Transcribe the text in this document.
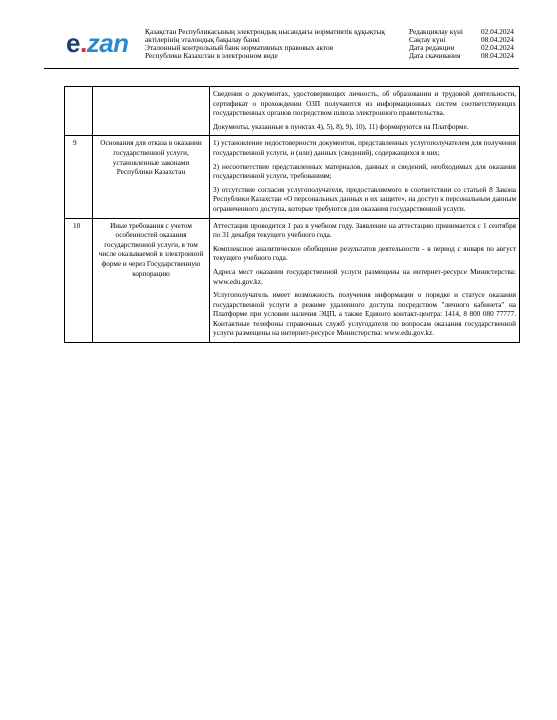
e.zan Қазақстан Республикасының электрондық нысандағы нормативтік құқықтық
актілерінің эталондық бақылау банкі
Эталонный контрольный банк нормативных правовых актов
Республики Казахстан в электронном виде
Редакциялау күні	02.04.2024
Сақтау күні	08.04.2024
Дата редакции	02.04.2024
Дата скачивания	08.04.2024

		Сведения о документах, удостоверяющих личность, об образовании и трудовой деятельности, сертификат о прохождении ОЗП получаются из информационных систем соответствующих государственных органов посредством шлюза электронного правительства.

Документы, указанные в пунктах 4), 5), 8), 9), 10), 11) формируются на Платформе.

9	Основания для отказа в оказании государственной услуги, установленные законами Республики Казахстан	1) установление недостоверности документов, представленных услугополучателем для получения государственной услуги, и (или) данных (сведений), содержащихся в них;

2) несоответствие представленных материалов, данных и сведений, необходимых для оказания государственной услуги, требованиям;

3) отсутствие согласия услугополучателя, предоставляемого в соответствии со статьей 8 Закона Республики Казахстан «О персональных данных и их защите», на доступ к персональным данным ограниченного доступа, которые требуются для оказания государственной услуги.

10	Иные требования с учетом особенностей оказания государственной услуги, в том числе оказываемой в электронной форме и через Государственную корпорацию	Аттестация проводится 1 раз в учебном году. Заявление на аттестацию принимается с 1 сентября по 31 декабря текущего учебного года.

Комплексное аналитическое обобщение результатов деятельности - в период с января по август текущего учебного года.

Адреса мест оказания государственной услуги размещены на интернет-ресурсе Министерства: www.edu.gov.kz.

Услугополучатель имеет возможность получения информации о порядке и статусе оказания государственной услуги в режиме удаленного доступа посредством "личного кабинета" на Платформе при условии наличия ЭЦП, а также Единого контакт-центра: 1414, 8 800 080 77777. Контактные телефоны справочных служб услугодателя по вопросам оказания государственной услуги размещены на интернет-ресурсе Министерства: www.edu.gov.kz.
